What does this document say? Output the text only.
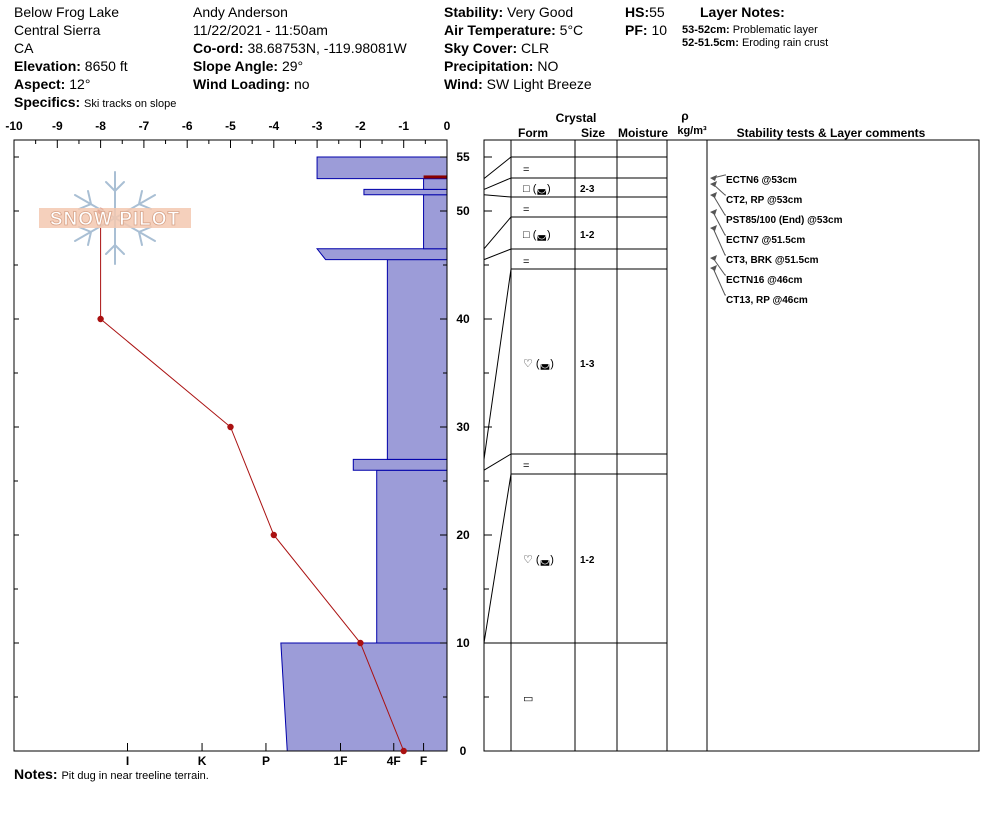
Below Frog Lake
Central Sierra
CA
Elevation: 8650 ft
Aspect: 12°
Specifics: Ski tracks on slope
Andy Anderson
11/22/2021 - 11:50am
Co-ord: 38.68753N, -119.98081W
Slope Angle: 29°
Wind Loading: no
Stability: Very Good
Air Temperature: 5°C
Sky Cover: CLR
Precipitation: NO
Wind: SW Light Breeze
HS:55
PF: 10
Layer Notes:
53-52cm: Problematic layer
52-51.5cm: Eroding rain crust
Notes: Pit dug in near treeline terrain.
-10 -9	-8	-7	-6	-5	-4	-3	-2	-1	0
I	K	P	1F	4F F
0
10
20
30
40
50
55
SNOW PILOT
Crystal
Form	Size Moisture
ρ
kg/m³ Stability tests & Layer comments
=
□ (◛)	2-3
=
□ (◛)	1-2
=
♡ (◛)	1-3
=
♡ (◛)	1-2
▭
ECTN6 @53cm
CT2, RP @53cm
PST85/100 (End) @53cm
ECTN7 @51.5cm
CT3, BRK @51.5cm
ECTN16 @46cm
CT13, RP @46cm
